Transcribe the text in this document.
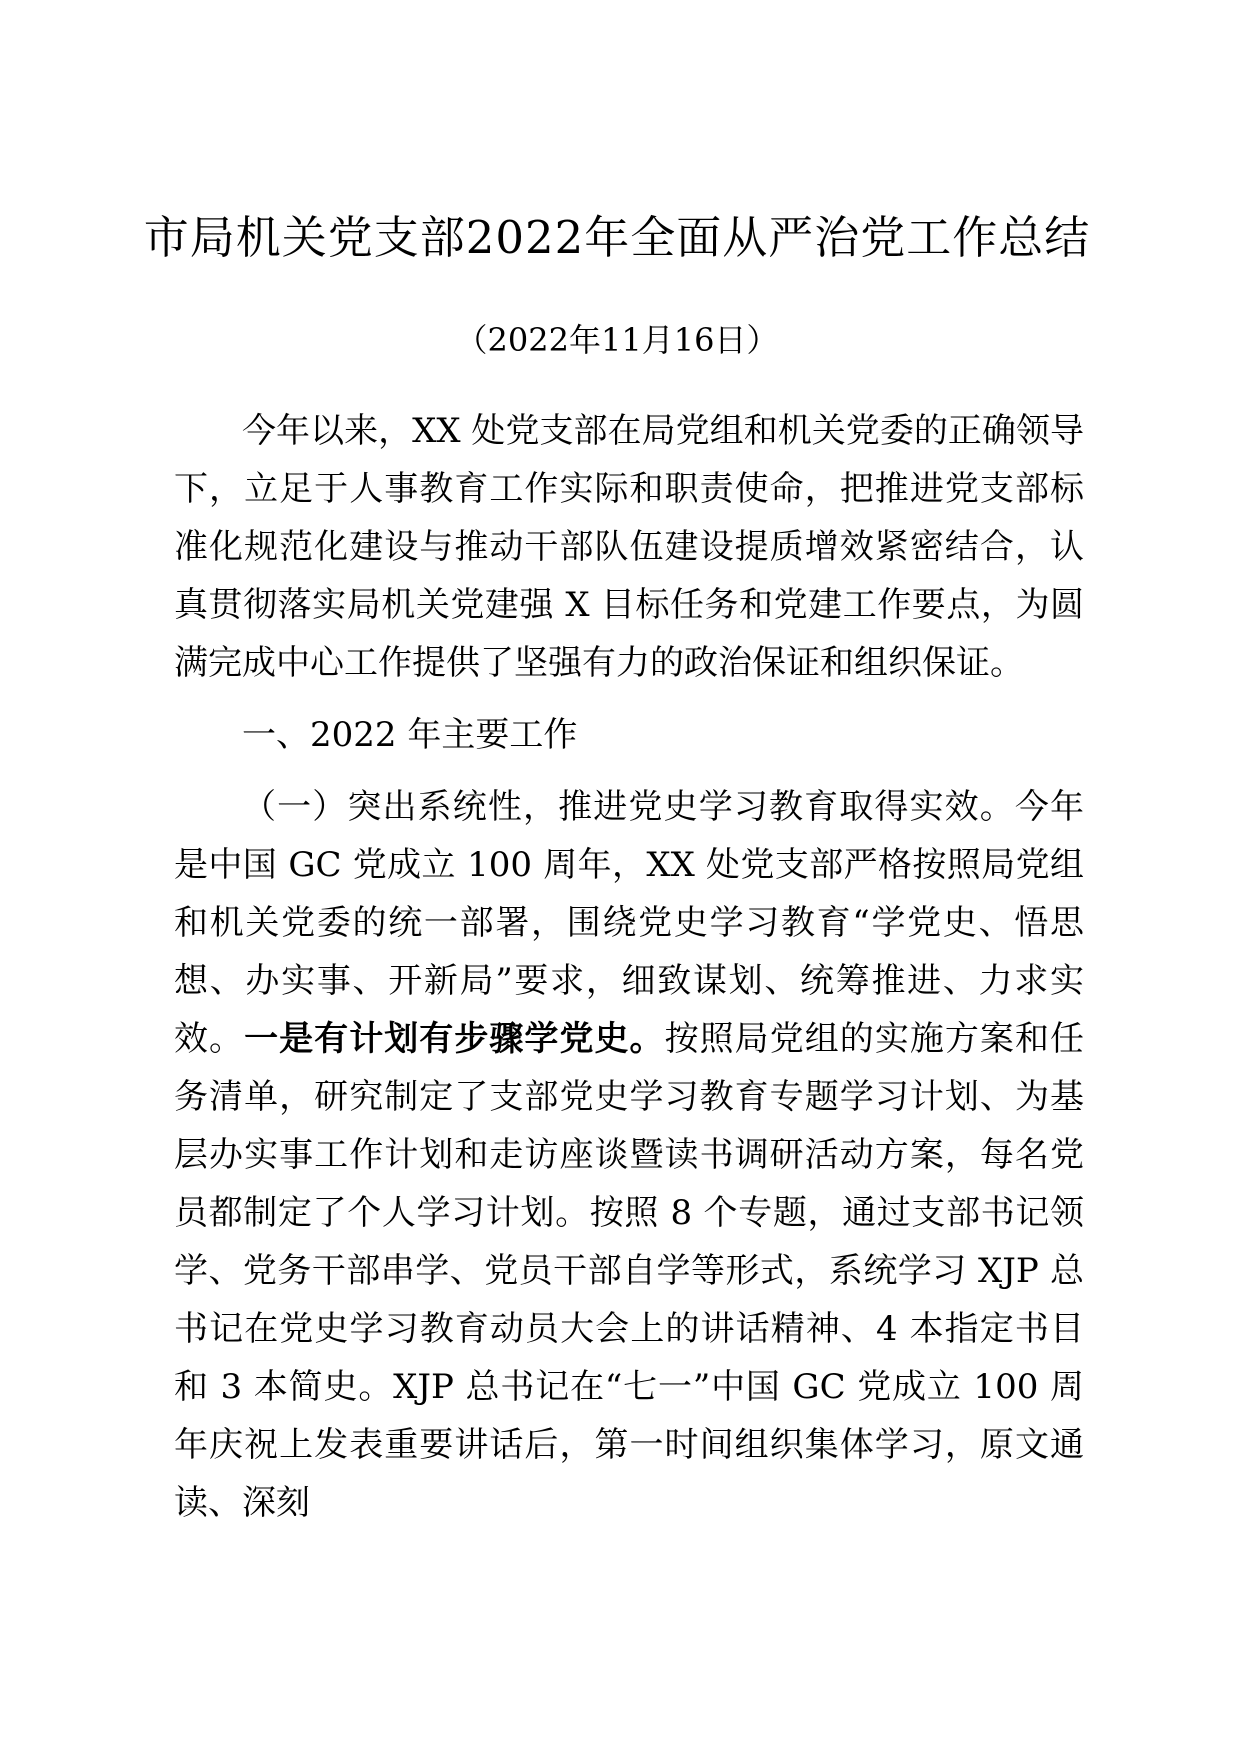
市局机关党支部2022年全面从严治党工作总结
（2022年11月16日）

今年以来，XX 处党支部在局党组和机关党委的正确领导下，立足于人事教育工作实际和职责使命，把推进党支部标准化规范化建设与推动干部队伍建设提质增效紧密结合，认真贯彻落实局机关党建强 X 目标任务和党建工作要点，为圆满完成中心工作提供了坚强有力的政治保证和组织保证。

一、2022 年主要工作

（一）突出系统性，推进党史学习教育取得实效。今年是中国 GC 党成立 100 周年，XX 处党支部严格按照局党组和机关党委的统一部署，围绕党史学习教育“学党史、悟思想、办实事、开新局”要求，细致谋划、统筹推进、力求实效。一是有计划有步骤学党史。按照局党组的实施方案和任务清单，研究制定了支部党史学习教育专题学习计划、为基层办实事工作计划和走访座谈暨读书调研活动方案，每名党员都制定了个人学习计划。按照 8 个专题，通过支部书记领学、党务干部串学、党员干部自学等形式，系统学习 XJP 总书记在党史学习教育动员大会上的讲话精神、4 本指定书目和 3 本简史。XJP 总书记在“七一”中国 GC 党成立 100 周年庆祝上发表重要讲话后，第一时间组织集体学习，原文通读、深刻
